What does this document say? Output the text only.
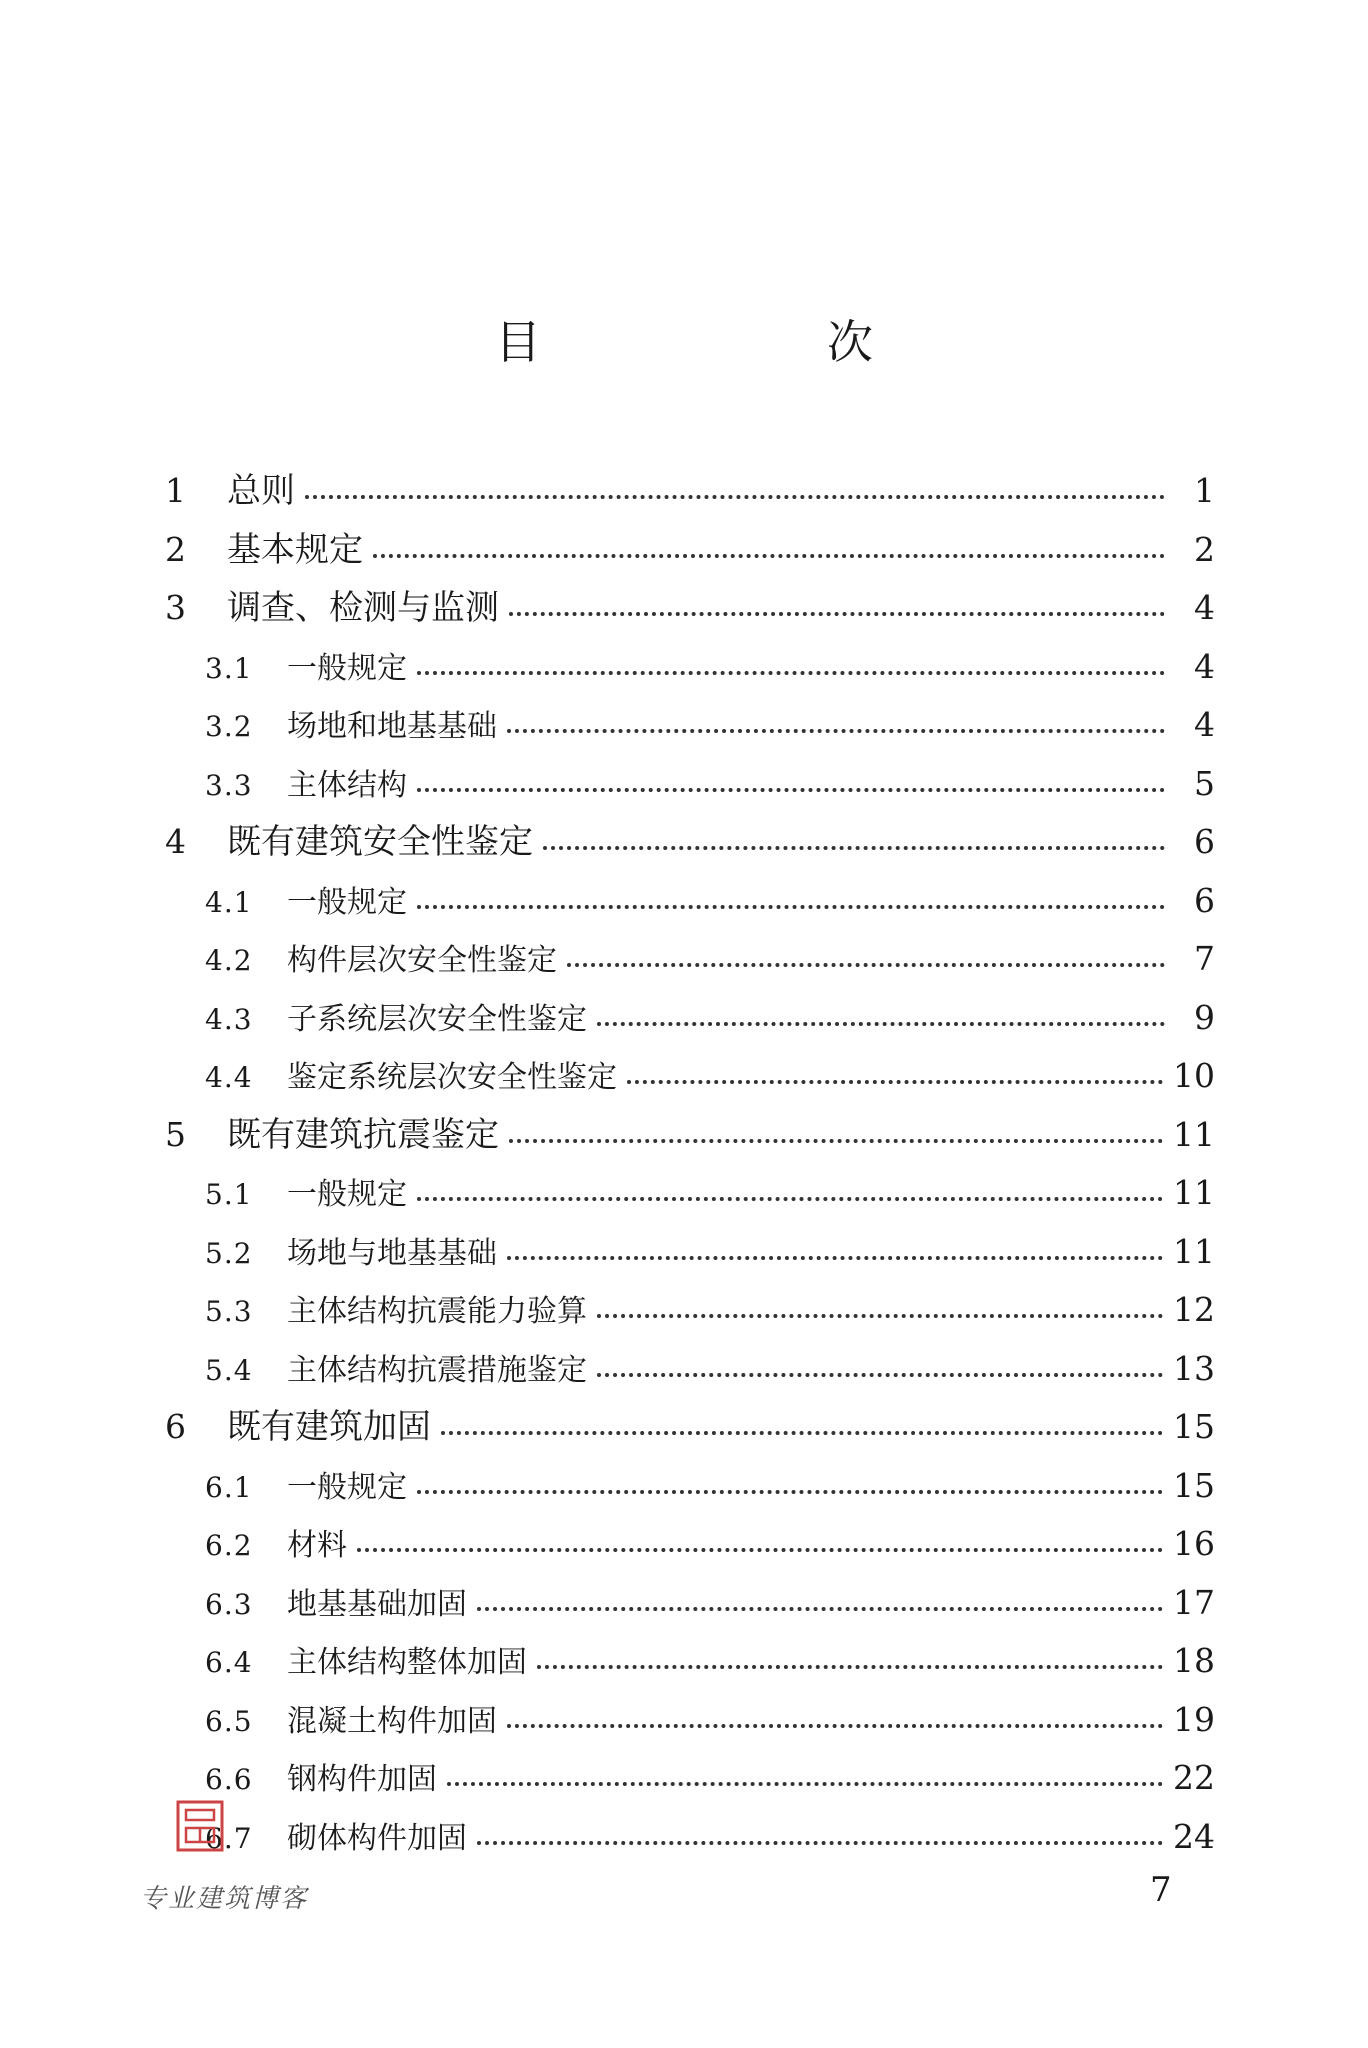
目　次
1	总则	1
2	基本规定	2
3	调查、检测与监测	4
3.1	一般规定	4
3.2	场地和地基基础	4
3.3	主体结构	5
4	既有建筑安全性鉴定	6
4.1	一般规定	6
4.2	构件层次安全性鉴定	7
4.3	子系统层次安全性鉴定	9
4.4	鉴定系统层次安全性鉴定	10
5	既有建筑抗震鉴定	11
5.1	一般规定	11
5.2	场地与地基基础	11
5.3	主体结构抗震能力验算	12
5.4	主体结构抗震措施鉴定	13
6	既有建筑加固	15
6.1	一般规定	15
6.2	材料	16
6.3	地基基础加固	17
6.4	主体结构整体加固	18
6.5	混凝土构件加固	19
6.6	钢构件加固	22
6.7	砌体构件加固	24
专业建筑博客	7
